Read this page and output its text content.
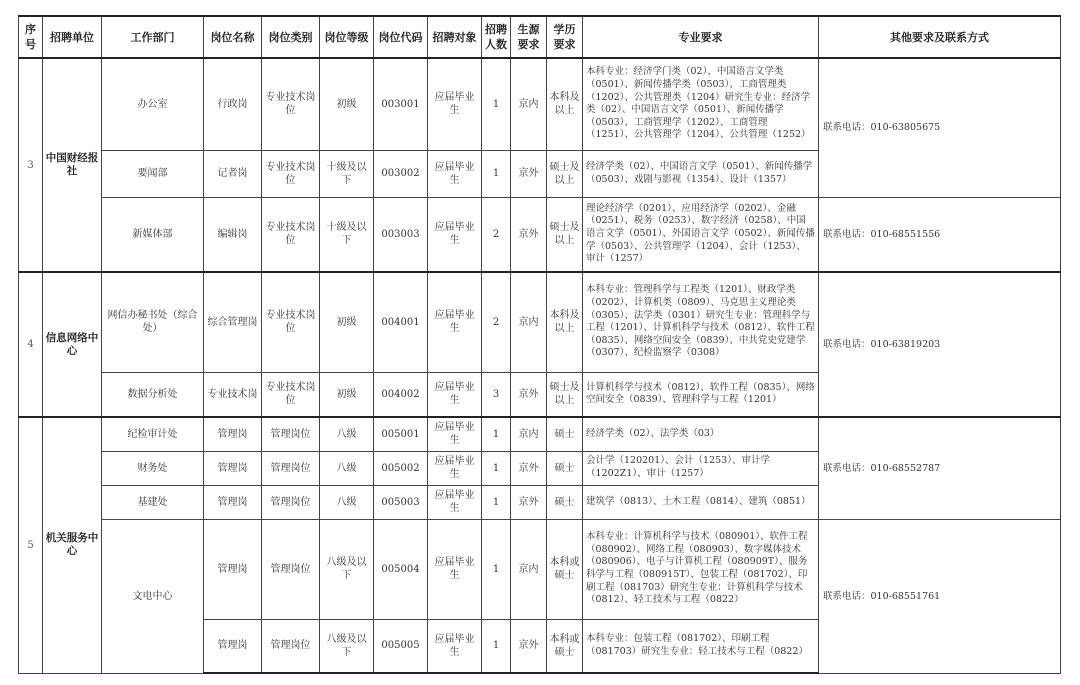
序号	招聘单位	工作部门	岗位名称	岗位类别	岗位等级	岗位代码	招聘对象	招聘人数	生源要求	学历要求	专业要求	其他要求及联系方式
3	中国财经报社	办公室	行政岗	专业技术岗位	初级	003001	应届毕业生	1	京内	本科及以上	本科专业：经济学门类（02）、中国语言文学类（0501）、新闻传播学类（0503）、工商管理类（1202）、公共管理类（1204）研究生专业：经济学类（02）、中国语言文学（0501）、新闻传播学（0503）、工商管理学（1202）、工商管理（1251）、公共管理学（1204）、公共管理（1252）	联系电话：010-63805675
		要闻部	记者岗	专业技术岗位	十级及以下	003002	应届毕业生	1	京外	硕士及以上	经济学类（02）、中国语言文学（0501）、新闻传播学（0503）、戏剧与影视（1354）、设计（1357）	
		新媒体部	编辑岗	专业技术岗位	十级及以下	003003	应届毕业生	2	京外	硕士及以上	理论经济学（0201）、应用经济学（0202）、金融（0251）、税务（0253）、数字经济（0258）、中国语言文学（0501）、外国语言文学（0502）、新闻传播学（0503）、公共管理学（1204）、会计（1253）、审计（1257）	联系电话：010-68551556
4	信息网络中心	网信办秘书处（综合处）	综合管理岗	专业技术岗位	初级	004001	应届毕业生	2	京内	本科及以上	本科专业：管理科学与工程类（1201）、财政学类（0202）、计算机类（0809）、马克思主义理论类（0305）、法学类（0301）研究生专业：管理科学与工程（1201）、计算机科学与技术（0812）、软件工程（0835）、网络空间安全（0839）、中共党史党建学（0307）、纪检监察学（0308）	联系电话：010-63819203
		数据分析处	专业技术岗	专业技术岗位	初级	004002	应届毕业生	3	京外	硕士及以上	计算机科学与技术（0812）、软件工程（0835）、网络空间安全（0839）、管理科学与工程（1201）	
5	机关服务中心	纪检审计处	管理岗	管理岗位	八级	005001	应届毕业生	1	京内	硕士	经济学类（02）、法学类（03）	联系电话：010-68552787
		财务处	管理岗	管理岗位	八级	005002	应届毕业生	1	京外	硕士	会计学（120201）、会计（1253）、审计学（1202Z1）、审计（1257）	
		基建处	管理岗	管理岗位	八级	005003	应届毕业生	1	京外	硕士	建筑学（0813）、土木工程（0814）、建筑（0851）	
		文电中心	管理岗	管理岗位	八级及以下	005004	应届毕业生	1	京内	本科或硕士	本科专业：计算机科学与技术（080901）、软件工程（080902）、网络工程（080903）、数字媒体技术（080906）、电子与计算机工程（080909T）、服务科学与工程（080915T）、包装工程（081702）、印刷工程（081703）研究生专业：计算机科学与技术（0812）、轻工技术与工程（0822）	联系电话：010-68551761
			管理岗	管理岗位	八级及以下	005005	应届毕业生	1	京外	本科或硕士	本科专业：包装工程（081702）、印刷工程（081703）研究生专业：轻工技术与工程（0822）	
